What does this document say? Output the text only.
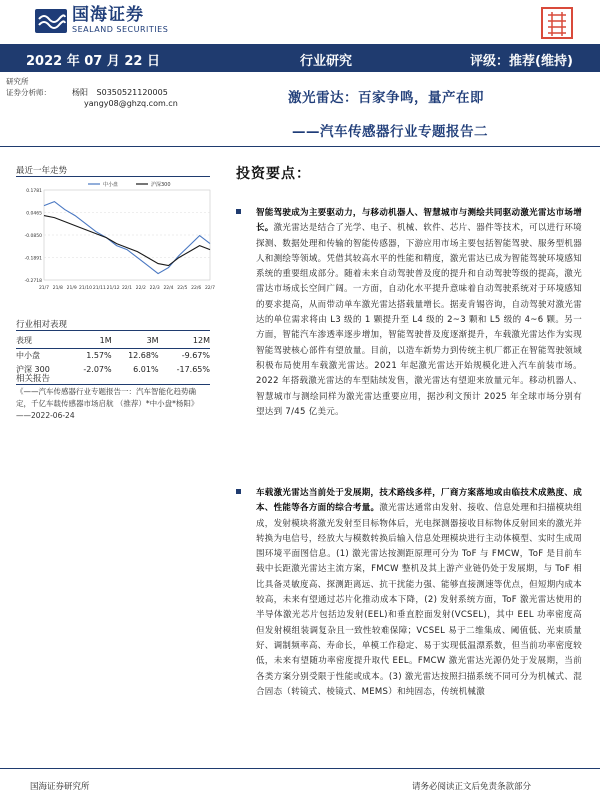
国海证券
SEALAND SECURITIES
2022 年 07 月 22 日	行业研究	评级：推荐(维持)
研究所
证券分析师：	杨阳 S0350521120005
yangy08@ghzq.com.cn	激光雷达：百家争鸣，量产在即
——汽车传感器行业专题报告二
最近一年走势
0.1781
0.0465
-0.0850
-0.1891
-0.2718
21/7 21/8 21/9 21/10 21/11 21/12 22/1 22/2 22/3 22/4 22/5 22/6 22/7
中小盘	沪深300
行业相对表现
表现	1M	3M	12M
中小盘	1.57%	12.68%	-9.67%
沪深 300	-2.07%	6.01%	-17.65%
相关报告
《——汽车传感器行业专题报告一：汽车智能化趋势确定，千亿车载传感器市场启航 （推荐）*中小盘*杨阳》——2022-06-24
投资要点：
智能驾驶成为主要驱动力，与移动机器人、智慧城市与测绘共同驱动激光雷达市场增长。激光雷达是结合了光学、电子、机械、软件、芯片、器件等技术，可以进行环境探测、数据处理和传输的智能传感器，下游应用市场主要包括智能驾驶、服务型机器人和测绘等领域。凭借其较高水平的性能和精度，激光雷达已成为智能驾驶环境感知系统的重要组成部分。随着未来自动驾驶普及度的提升和自动驾驶等级的提高，激光雷达市场成长空间广阔。一方面，自动化水平提升意味着自动驾驶系统对于环境感知的要求提高，从而带动单车激光雷达搭载量增长。据麦肯锡咨询，自动驾驶对激光雷达的单位需求将由 L3 级的 1 颗提升至 L4 级的 2~3 颗和 L5 级的 4~6 颗。另一方面，智能汽车渗透率逐步增加，智能驾驶普及度逐渐提升，车载激光雷达作为实现智能驾驶核心部件有望放量。目前，以造车新势力到传统主机厂都正在智能驾驶领域积极布局使用车载激光雷达。2021 年起激光雷达开始规模化进入汽车前装市场。2022 年搭载激光雷达的车型陆续发售，激光雷达有望迎来放量元年。移动机器人、智慧城市与测绘同样为激光雷达重要应用，据沙利文预计 2025 年全球市场分别有望达到 7/45 亿美元。
车载激光雷达当前处于发展期，技术路线多样，厂商方案落地或由临技术成熟度、成本、性能等各方面的综合考量。激光雷达通常由发射、接收、信息处理和扫描模块组成，发射模块将激光发射至目标物体后，光电探测器接收目标物体反射回来的激光并转换为电信号，经放大与模数转换后输入信息处理模块进行主动体模型、实时生成周围环境平面图信息。(1) 激光雷达按测距原理可分为 ToF 与 FMCW，ToF 是目前车载中长距激光雷达主流方案，FMCW 整机及其上游产业链仍处于发展期，与 ToF 相比具备灵敏度高、探测距离远、抗干扰能力强、能够直接测速等优点，但短期内成本较高，未来有望通过芯片化推动成本下降，(2) 发射系统方面，ToF 激光雷达使用的半导体激光芯片包括边发射(EEL)和垂直腔面发射(VCSEL)，其中 EEL 功率密度高但发射模组装调复杂且一致性较难保障；VCSEL 易于二维集成、阈值低、光束质量好、调制频率高、寿命长，单模工作稳定、易于实现低温漂系数，但当前功率密度较低，未来有望随功率密度提升取代 EEL。FMCW 激光雷达光源仍处于发展期，当前各类方案分别受限于性能或成本。(3) 激光雷达按照扫描系统不同可分为机械式、混合固态（转镜式、棱镜式、MEMS）和纯固态，传统机械激
国海证券研究所	请务必阅读正文后免责条款部分
